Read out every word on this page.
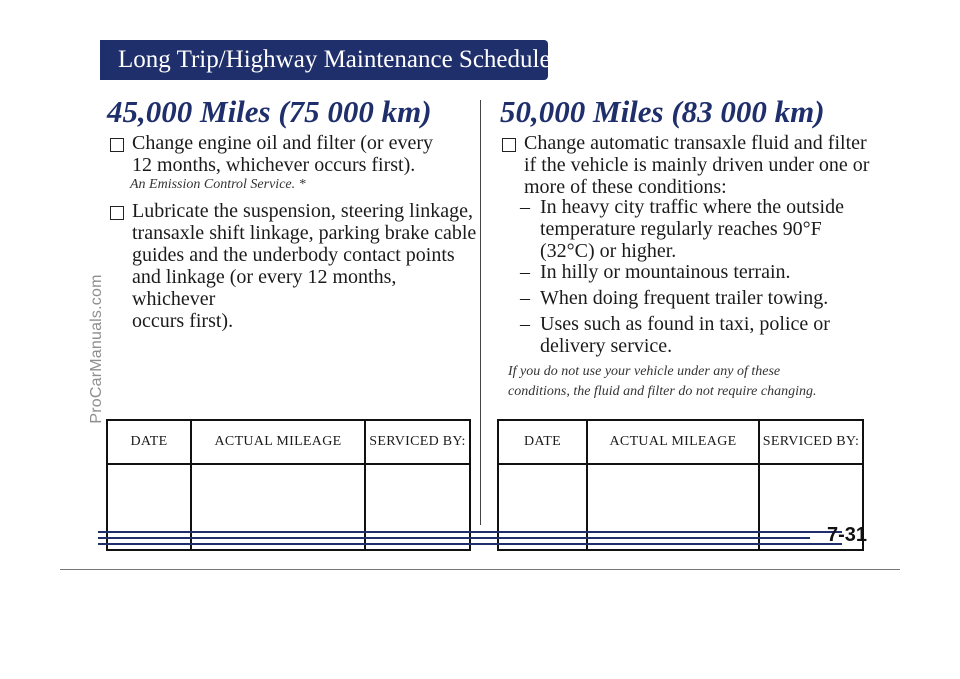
ProCarManuals.com
Long Trip/Highway Maintenance Schedule
45,000 Miles (75 000 km)
Change engine oil and filter (or every
12 months, whichever occurs first).
An Emission Control Service. *
Lubricate the suspension, steering linkage,
transaxle shift linkage, parking brake cable
guides and the underbody contact points
and linkage (or every 12 months, whichever
occurs first).
DATE	ACTUAL MILEAGE	SERVICED BY:

50,000 Miles (83 000 km)
Change automatic transaxle fluid and filter
if the vehicle is mainly driven under one or
more of these conditions:
– In heavy city traffic where the outside
temperature regularly reaches 90°F
(32°C) or higher.
– In hilly or mountainous terrain.
– When doing frequent trailer towing.
– Uses such as found in taxi, police or
delivery service.
If you do not use your vehicle under any of these
conditions, the fluid and filter do not require changing.
DATE	ACTUAL MILEAGE	SERVICED BY:

7-31
